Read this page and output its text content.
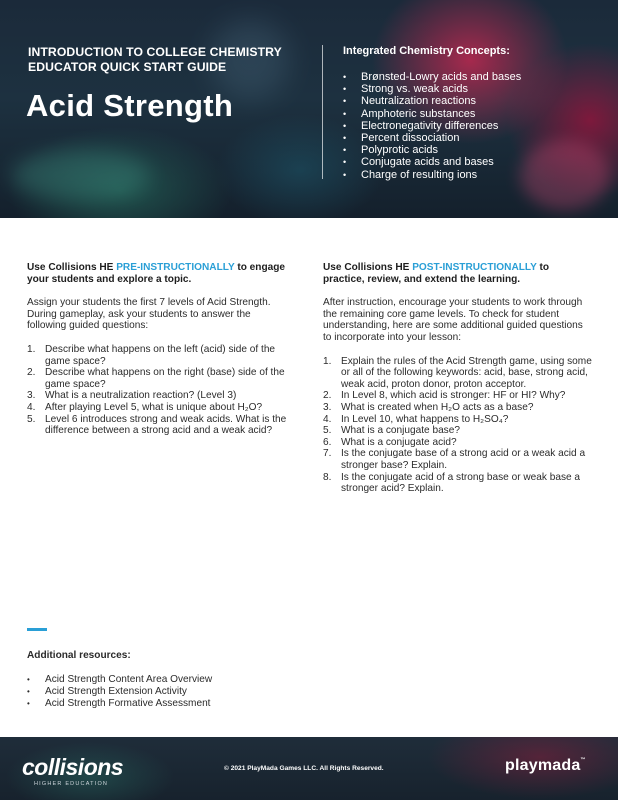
INTRODUCTION TO COLLEGE CHEMISTRY
EDUCATOR QUICK START GUIDE
Acid Strength
Integrated Chemistry Concepts:
• Brønsted-Lowry acids and bases
• Strong vs. weak acids
• Neutralization reactions
• Amphoteric substances
• Electronegativity differences
• Percent dissociation
• Polyprotic acids
• Conjugate acids and bases
• Charge of resulting ions
Use Collisions HE PRE-INSTRUCTIONALLY to engage your students and explore a topic.

Assign your students the first 7 levels of Acid Strength. During gameplay, ask your students to answer the following guided questions:

1. Describe what happens on the left (acid) side of the game space?
2. Describe what happens on the right (base) side of the game space?
3. What is a neutralization reaction? (Level 3)
4. After playing Level 5, what is unique about H₂O?
5. Level 6 introduces strong and weak acids. What is the difference between a strong acid and a weak acid?
Use Collisions HE POST-INSTRUCTIONALLY to practice, review, and extend the learning.

After instruction, encourage your students to work through the remaining core game levels. To check for student understanding, here are some additional guided questions to incorporate into your lesson:

1. Explain the rules of the Acid Strength game, using some or all of the following keywords: acid, base, strong acid, weak acid, proton donor, proton acceptor.
2. In Level 8, which acid is stronger: HF or HI? Why?
3. What is created when H₂O acts as a base?
4. In Level 10, what happens to H₂SO₄?
5. What is a conjugate base?
6. What is a conjugate acid?
7. Is the conjugate base of a strong acid or a weak acid a stronger base? Explain.
8. Is the conjugate acid of a strong base or weak base a stronger acid? Explain.
Additional resources:
• Acid Strength Content Area Overview
• Acid Strength Extension Activity
• Acid Strength Formative Assessment
collisions
HIGHER EDUCATION
© 2021 PlayMada Games LLC. All Rights Reserved.	playmada™
